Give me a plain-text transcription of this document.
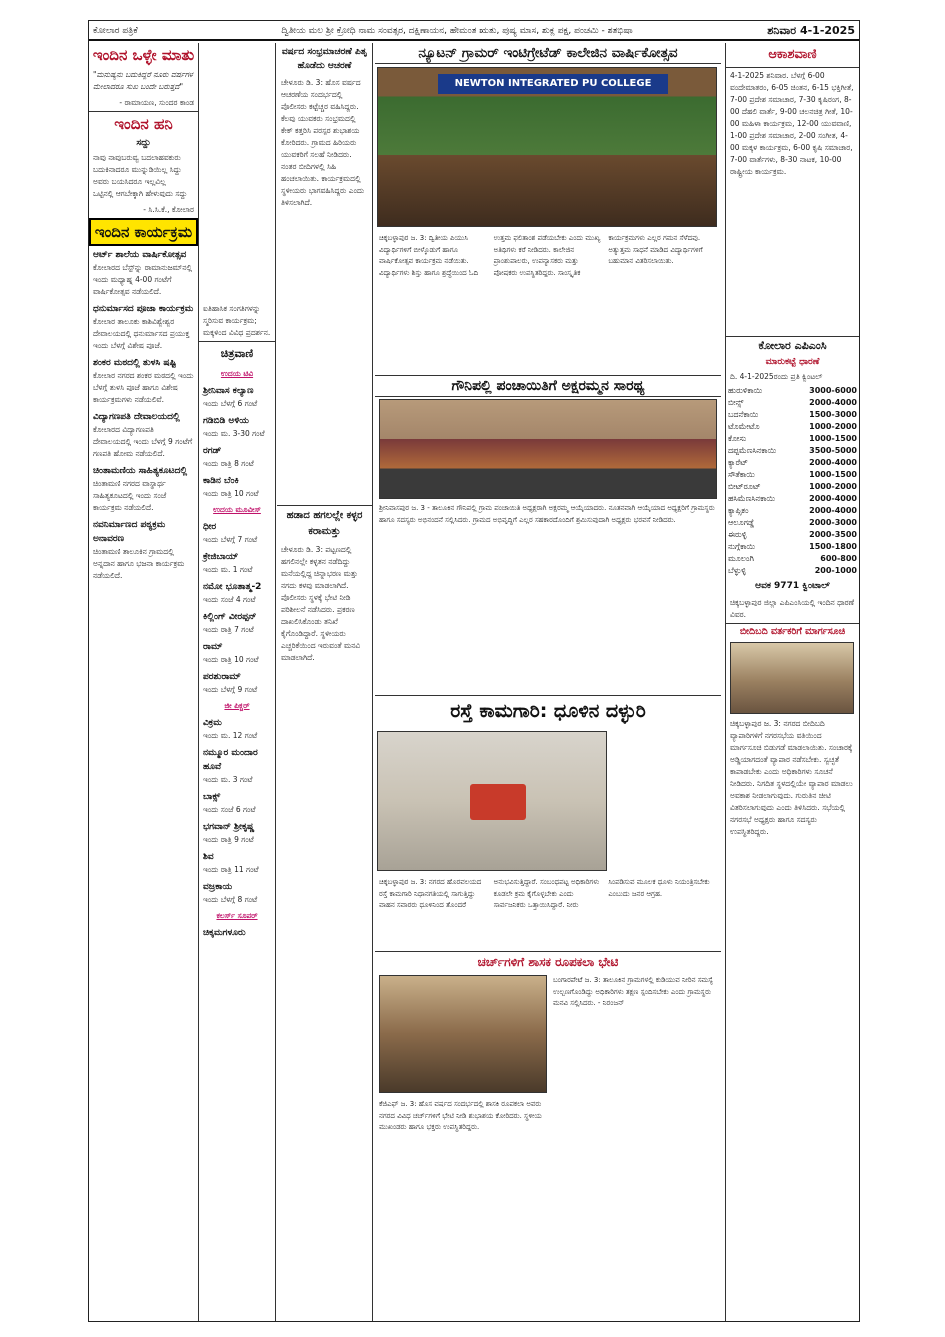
ಕೋಲಾರ ಪತ್ರಿಕೆ	ದ್ವಿತೀಯ ಮಲ ಶ್ರೀ ಕ್ರೋಧಿ ನಾಮ ಸಂವತ್ಸರ, ದಕ್ಷಿಣಾಯನ, ಹೇಮಂತ ಋತು, ಪುಷ್ಯ ಮಾಸ, ಶುಕ್ಲ ಪಕ್ಷ, ಪಂಚಮಿ - ಶತಭಿಷಾ	ಶನಿವಾರ 4-1-2025
ಇಂದಿನ ಒಳ್ಳೇ ಮಾತು
"ಮನುಷ್ಯನು ಬದುಕಿದ್ದರೆ ನೂರು ವರ್ಷಗಳ ಮೇಲಾದರೂ ಸುಖ ಬಂದೇ ಬರುತ್ತದೆ"
- ರಾಮಾಯಣ, ಸುಂದರ ಕಾಂಡ
ಇಂದಿನ ಹನಿ
ಸದ್ದು
ನಾವು ನಾವುಬರುವ್ವ ಬದಲಾಹವಕುರು
ಬದುಕಿನಾದರೂ ಮುನ್ನುಡಿಯಿಲ್ಲ ಸಿದ್ದು
ಅವರು ಬಯಸಿದರೂ ಇಲ್ಲವಿಲ್ಲ
ಒಟ್ಟಿನಲ್ಲಿ ಆಗಬೇಕ್ಕಾಗಿ ಹೇಳುವುದು ಸದ್ದು
- ಸಿ.ಸಿ.ಕೆ., ಕೋಲಾರ
ಇಂದಿನ ಕಾರ್ಯಕ್ರಮ
ಆರ್ಟ್ ಶಾಲೆಯ ವಾರ್ಷಿಕೋತ್ಸವ
ಕೋಲಾರದ ಬೆಸ್ಟ್‌ನ್ನು ರಾಮಾನುಜಮ್‌ನಲ್ಲಿ ಇಂದು ಮಧ್ಯಾಹ್ನ 4-00 ಗಂಟೆಗೆ ವಾರ್ಷಿಕೋತ್ಸವ ನಡೆಯಲಿದೆ.
ಧನುರ್ಮಾಸದ ಪೂಜಾ ಕಾರ್ಯಕ್ರಮ
ಕೋಲಾರ ತಾಲೂಕು ಕಾಶಿವಿಶ್ವೇಶ್ವರ ದೇವಾಲಯದಲ್ಲಿ ಧನುರ್ಮಾಸದ ಪ್ರಯುಕ್ತ ಇಂದು ಬೆಳಗ್ಗೆ ವಿಶೇಷ ಪೂಜೆ.
ಶಂಕರ ಮಠದಲ್ಲಿ ತುಳಸಿ ಷಷ್ಟಿ
ಕೋಲಾರ ನಗರದ ಶಂಕರ ಮಠದಲ್ಲಿ ಇಂದು ಬೆಳಗ್ಗೆ ತುಳಸಿ ಪೂಜೆ ಹಾಗೂ ವಿಶೇಷ ಕಾರ್ಯಕ್ರಮಗಳು ನಡೆಯಲಿವೆ.
ವಿದ್ಯಾಗಣಪತಿ ದೇವಾಲಯದಲ್ಲಿ
ಕೋಲಾರದ ವಿದ್ಯಾಗಣಪತಿ ದೇವಾಲಯದಲ್ಲಿ ಇಂದು ಬೆಳಗ್ಗೆ 9 ಗಂಟೆಗೆ ಗಣಪತಿ ಹೋಮ ನಡೆಯಲಿದೆ.
ಚಿಂತಾಮಣಿಯ ಸಾಹಿತ್ಯಕೂಟದಲ್ಲಿ
ಚಿಂತಾಮಣಿ ನಗರದ ವಾಸ್ಥಾರ್ಥ ಸಾಹಿತ್ಯಕೂಟದಲ್ಲಿ ಇಂದು ಸಂಜೆ ಕಾರ್ಯಕ್ರಮ ನಡೆಯಲಿದೆ.
ನವನಿರ್ಮಾಣದ ಪಠ್ಯಕ್ರಮ ಅನಾವರಣ
ಚಿಂತಾಮಣಿ ತಾಲೂಕಿನ ಗ್ರಾಮದಲ್ಲಿ ಅನ್ನದಾನ ಹಾಗೂ ಭಜನಾ ಕಾರ್ಯಕ್ರಮ ನಡೆಯಲಿದೆ.
ಐತಿಹಾಸಿಕ ಸಂಗತಿಗಳನ್ನು ಸ್ಮರಿಸುವ ಕಾರ್ಯಕ್ರಮ; ಮಕ್ಕಳಿಂದ ವಿವಿಧ ಪ್ರದರ್ಶನ.
ಚಿತ್ರವಾಣಿ
ಉದಯ ಟಿವಿ
ಶ್ರೀನಿವಾಸ ಕಲ್ಯಾಣ
ಇಂದು ಬೆಳಗ್ಗೆ 6 ಗಂಟೆ
ಗಡಿಬಿಡಿ ಅಳಿಯ
ಇಂದು ಮ. 3-30 ಗಂಟೆ
ರಗಡ್
ಇಂದು ರಾತ್ರಿ 8 ಗಂಟೆ
ಕಾಡಿನ ಬೆಂಕಿ
ಇಂದು ರಾತ್ರಿ 10 ಗಂಟೆ
ಉದಯ ಮೂವೀಸ್
ಧೀರ
ಇಂದು ಬೆಳಗ್ಗೆ 7 ಗಂಟೆ
ಕ್ರೇಜಿಬಾಯ್
ಇಂದು ಮ. 1 ಗಂಟೆ
ನಮೋ ಭೂತಾತ್ಮ-2
ಇಂದು ಸಂಜೆ 4 ಗಂಟೆ
ಕಿಲ್ಲಿಂಗ್ ವೀರಪ್ಪನ್
ಇಂದು ರಾತ್ರಿ 7 ಗಂಟೆ
ರಾಮ್
ಇಂದು ರಾತ್ರಿ 10 ಗಂಟೆ
ಪರಶುರಾಮ್
ಇಂದು ಬೆಳಗ್ಗೆ 9 ಗಂಟೆ
ಜೀ ಪಿಕ್ಚರ್
ವಿಕ್ರಮ
ಇಂದು ಮ. 12 ಗಂಟೆ
ನಮ್ಮೂರ ಮಂದಾರ ಹೂವೆ
ಇಂದು ಮ. 3 ಗಂಟೆ
ಬಾಕ್ಸ್
ಇಂದು ಸಂಜೆ 6 ಗಂಟೆ
ಭಗವಾನ್ ಶ್ರೀಕೃಷ್ಣ
ಇಂದು ರಾತ್ರಿ 9 ಗಂಟೆ
ಶಿವ
ಇಂದು ರಾತ್ರಿ 11 ಗಂಟೆ
ವಜ್ರಕಾಯ
ಇಂದು ಬೆಳಗ್ಗೆ 8 ಗಂಟೆ
ಕಲರ್ಸ್ ಸೂಪರ್
ಚಿಕ್ಕಮಗಳೂರು
ವರ್ಷದ ಸಂಭ್ರಮಾಚರಣೆ ಪಿತೃ ಹೊಡೆದು ಆಚರಣೆ
ಚೇಳೂರು ಡಿ. 3: ಹೊಸ ವರ್ಷದ ಆಚರಣೆಯ ಸಂದರ್ಭದಲ್ಲಿ ಪೊಲೀಸರು ಕಟ್ಟೆಚ್ಚರ ವಹಿಸಿದ್ದರು. ಕೆಲವು ಯುವಕರು ಸಂಭ್ರಮದಲ್ಲಿ ಕೇಕ್ ಕತ್ತರಿಸಿ ಪರಸ್ಪರ ಶುಭಾಶಯ ಕೋರಿದರು. ಗ್ರಾಮದ ಹಿರಿಯರು ಯುವಕರಿಗೆ ಸಲಹೆ ನೀಡಿದರು. ನಂತರ ಬೀದಿಗಳಲ್ಲಿ ಸಿಹಿ ಹಂಚಲಾಯಿತು. ಕಾರ್ಯಕ್ರಮದಲ್ಲಿ ಸ್ಥಳೀಯರು ಭಾಗವಹಿಸಿದ್ದರು ಎಂದು ತಿಳಿಸಲಾಗಿದೆ.
ಹಡಾದ ಹಗಲಲ್ಲೇ ಕಳ್ಳರ ಕರಾಮತ್ತು
ಚೇಳೂರು ಡಿ. 3: ಪಟ್ಟಣದಲ್ಲಿ ಹಗಲಿನಲ್ಲೇ ಕಳ್ಳತನ ನಡೆದಿದ್ದು ಮನೆಯಲ್ಲಿದ್ದ ಚಿನ್ನಾಭರಣ ಮತ್ತು ನಗದು ಕಳವು ಮಾಡಲಾಗಿದೆ. ಪೊಲೀಸರು ಸ್ಥಳಕ್ಕೆ ಭೇಟಿ ನೀಡಿ ಪರಿಶೀಲನೆ ನಡೆಸಿದರು. ಪ್ರಕರಣ ದಾಖಲಿಸಿಕೊಂಡು ತನಿಖೆ ಕೈಗೊಂಡಿದ್ದಾರೆ. ಸ್ಥಳೀಯರು ಎಚ್ಚರಿಕೆಯಿಂದ ಇರುವಂತೆ ಮನವಿ ಮಾಡಲಾಗಿದೆ.
ನ್ಯೂಟನ್ ಗ್ರಾಮರ್ ಇಂಟಿಗ್ರೇಟೆಡ್ ಕಾಲೇಜಿನ ವಾರ್ಷಿಕೋತ್ಸವ
NEWTON INTEGRATED PU COLLEGE
ಚಿಕ್ಕಬಳ್ಳಾಪುರ ಜ. 3: ದ್ವಿತೀಯ ಪಿಯುಸಿ ವಿದ್ಯಾರ್ಥಿಗಳಿಗೆ ಬೀಳ್ಕೊಡುಗೆ ಹಾಗೂ ವಾರ್ಷಿಕೋತ್ಸವ ಕಾರ್ಯಕ್ರಮ ನಡೆಯಿತು. ವಿದ್ಯಾರ್ಥಿಗಳು ಶಿಸ್ತು ಹಾಗೂ ಶ್ರದ್ಧೆಯಿಂದ ಓದಿ ಉತ್ತಮ ಫಲಿತಾಂಶ ಪಡೆಯಬೇಕು ಎಂದು ಮುಖ್ಯ ಅತಿಥಿಗಳು ಕರೆ ನೀಡಿದರು. ಕಾಲೇಜಿನ ಪ್ರಾಂಶುಪಾಲರು, ಉಪನ್ಯಾಸಕರು ಮತ್ತು ಪೋಷಕರು ಉಪಸ್ಥಿತರಿದ್ದರು. ಸಾಂಸ್ಕೃತಿಕ ಕಾರ್ಯಕ್ರಮಗಳು ಎಲ್ಲರ ಗಮನ ಸೆಳೆದವು. ಅತ್ಯುತ್ತಮ ಸಾಧನೆ ಮಾಡಿದ ವಿದ್ಯಾರ್ಥಿಗಳಿಗೆ ಬಹುಮಾನ ವಿತರಿಸಲಾಯಿತು.
ಗೌನಿಪಲ್ಲಿ ಪಂಚಾಯಿತಿಗೆ ಅಕ್ಷರಮ್ಮನ ಸಾರಥ್ಯ
ಶ್ರೀನಿವಾಸಪುರ ಜ. 3 - ತಾಲೂಕಿನ ಗೌನಿಪಲ್ಲಿ ಗ್ರಾಮ ಪಂಚಾಯಿತಿ ಅಧ್ಯಕ್ಷರಾಗಿ ಅಕ್ಷರಮ್ಮ ಆಯ್ಕೆಯಾದರು. ನೂತನವಾಗಿ ಆಯ್ಕೆಯಾದ ಅಧ್ಯಕ್ಷರಿಗೆ ಗ್ರಾಮಸ್ಥರು ಹಾಗೂ ಸದಸ್ಯರು ಅಭಿನಂದನೆ ಸಲ್ಲಿಸಿದರು. ಗ್ರಾಮದ ಅಭಿವೃದ್ಧಿಗೆ ಎಲ್ಲರ ಸಹಕಾರದೊಂದಿಗೆ ಶ್ರಮಿಸುವುದಾಗಿ ಅಧ್ಯಕ್ಷರು ಭರವಸೆ ನೀಡಿದರು.
ರಸ್ತೆ ಕಾಮಗಾರಿ: ಧೂಳಿನ ದಳ್ಳುರಿ
ಚಿಕ್ಕಬಳ್ಳಾಪುರ ಜ. 3: ನಗರದ ಹೊರವಲಯದ ರಸ್ತೆ ಕಾಮಗಾರಿ ನಿಧಾನಗತಿಯಲ್ಲಿ ಸಾಗುತ್ತಿದ್ದು ವಾಹನ ಸವಾರರು ಧೂಳಿನಿಂದ ತೊಂದರೆ ಅನುಭವಿಸುತ್ತಿದ್ದಾರೆ. ಸಂಬಂಧಪಟ್ಟ ಅಧಿಕಾರಿಗಳು ಕೂಡಲೇ ಕ್ರಮ ಕೈಗೊಳ್ಳಬೇಕು ಎಂದು ಸಾರ್ವಜನಿಕರು ಒತ್ತಾಯಿಸಿದ್ದಾರೆ. ನೀರು ಸಿಂಪಡಿಸುವ ಮೂಲಕ ಧೂಳು ನಿಯಂತ್ರಿಸಬೇಕು ಎಂಬುದು ಜನರ ಆಗ್ರಹ.
ಚರ್ಚ್‌ಗಳಿಗೆ ಶಾಸಕ ರೂಪಕಲಾ ಭೇಟಿ
ಕೆಜಿಎಫ್ ಜ. 3: ಹೊಸ ವರ್ಷದ ಸಂದರ್ಭದಲ್ಲಿ ಶಾಸಕಿ ರೂಪಕಲಾ ಅವರು ನಗರದ ವಿವಿಧ ಚರ್ಚ್‌ಗಳಿಗೆ ಭೇಟಿ ನೀಡಿ ಶುಭಾಶಯ ಕೋರಿದರು. ಸ್ಥಳೀಯ ಮುಖಂಡರು ಹಾಗೂ ಭಕ್ತರು ಉಪಸ್ಥಿತರಿದ್ದರು.
ಬಂಗಾರಪೇಟೆ ಜ. 3: ತಾಲೂಕಿನ ಗ್ರಾಮಗಳಲ್ಲಿ ಕುಡಿಯುವ ನೀರಿನ ಸಮಸ್ಯೆ ಉಲ್ಬಣಗೊಂಡಿದ್ದು ಅಧಿಕಾರಿಗಳು ತಕ್ಷಣ ಸ್ಪಂದಿಸಬೇಕು ಎಂದು ಗ್ರಾಮಸ್ಥರು ಮನವಿ ಸಲ್ಲಿಸಿದರು. - ನಿರಂಜನ್
ಆಕಾಶವಾಣಿ
4-1-2025 ಶನಿವಾರ. ಬೆಳಗ್ಗೆ 6-00 ವಂದೇಮಾತರಂ, 6-05 ಚಿಂತನ, 6-15 ಭಕ್ತಿಗೀತೆ, 7-00 ಪ್ರದೇಶ ಸಮಾಚಾರ, 7-30 ಕೃಷಿರಂಗ, 8-00 ದೆಹಲಿ ವಾರ್ತೆ, 9-00 ಚಲನಚಿತ್ರ ಗೀತೆ, 10-00 ಮಹಿಳಾ ಕಾರ್ಯಕ್ರಮ, 12-00 ಯುವವಾಣಿ, 1-00 ಪ್ರದೇಶ ಸಮಾಚಾರ, 2-00 ಸಂಗೀತ, 4-00 ಮಕ್ಕಳ ಕಾರ್ಯಕ್ರಮ, 6-00 ಕೃಷಿ ಸಮಾಚಾರ, 7-00 ವಾರ್ತೆಗಳು, 8-30 ನಾಟಕ, 10-00 ರಾಷ್ಟ್ರೀಯ ಕಾರ್ಯಕ್ರಮ.
ಕೋಲಾರ ಎಪಿಎಂಸಿ
ಮಾರುಕಟ್ಟೆ ಧಾರಣೆ
ದಿ. 4-1-2025ರಂದು ಪ್ರತಿ ಕ್ವಿಂಟಲ್
ಹುರುಳಿಕಾಯಿ	3000-6000
ಬೀನ್ಸ್	2000-4000
ಬದನೆಕಾಯಿ	1500-3000
ಟೊಮೇಟೊ	1000-2000
ಕೋಸು	1000-1500
ದಪ್ಪಮೆಣಸಿನಕಾಯಿ	3500-5000
ಕ್ಯಾರೆಟ್	2000-4000
ಸೌತೆಕಾಯಿ	1000-1500
ಬೀಟ್‌ರೂಟ್	1000-2000
ಹಸಿಮೆಣಸಿನಕಾಯಿ	2000-4000
ಕ್ಯಾಪ್ಸಿಕಂ	2000-4000
ಆಲೂಗಡ್ಡೆ	2000-3000
ಈರುಳ್ಳಿ	2000-3500
ನುಗ್ಗೆಕಾಯಿ	1500-1800
ಮೂಲಂಗಿ	600-800
ಬೆಳ್ಳುಳ್ಳಿ	200-1000
ಆವಕ 9771 ಕ್ವಿಂಟಾಲ್
ಚಿಕ್ಕಬಳ್ಳಾಪುರ ಜಿಲ್ಲಾ ಎಪಿಎಂಸಿಯಲ್ಲಿ ಇಂದಿನ ಧಾರಣೆ ವಿವರ.
ಬೀದಿಬದಿ ವರ್ತಕರಿಗೆ ಮಾರ್ಗಸೂಚಿ
ಚಿಕ್ಕಬಳ್ಳಾಪುರ ಜ. 3: ನಗರದ ಬೀದಿಬದಿ ವ್ಯಾಪಾರಿಗಳಿಗೆ ನಗರಸಭೆಯ ವತಿಯಿಂದ ಮಾರ್ಗಸೂಚಿ ಬಿಡುಗಡೆ ಮಾಡಲಾಯಿತು. ಸಂಚಾರಕ್ಕೆ ಅಡ್ಡಿಯಾಗದಂತೆ ವ್ಯಾಪಾರ ನಡೆಸಬೇಕು. ಸ್ವಚ್ಛತೆ ಕಾಪಾಡಬೇಕು ಎಂದು ಅಧಿಕಾರಿಗಳು ಸೂಚನೆ ನೀಡಿದರು. ನಿಗದಿತ ಸ್ಥಳದಲ್ಲಿಯೇ ವ್ಯಾಪಾರ ಮಾಡಲು ಅವಕಾಶ ನೀಡಲಾಗುವುದು. ಗುರುತಿನ ಚೀಟಿ ವಿತರಿಸಲಾಗುವುದು ಎಂದು ತಿಳಿಸಿದರು. ಸಭೆಯಲ್ಲಿ ನಗರಸಭೆ ಅಧ್ಯಕ್ಷರು ಹಾಗೂ ಸದಸ್ಯರು ಉಪಸ್ಥಿತರಿದ್ದರು.
